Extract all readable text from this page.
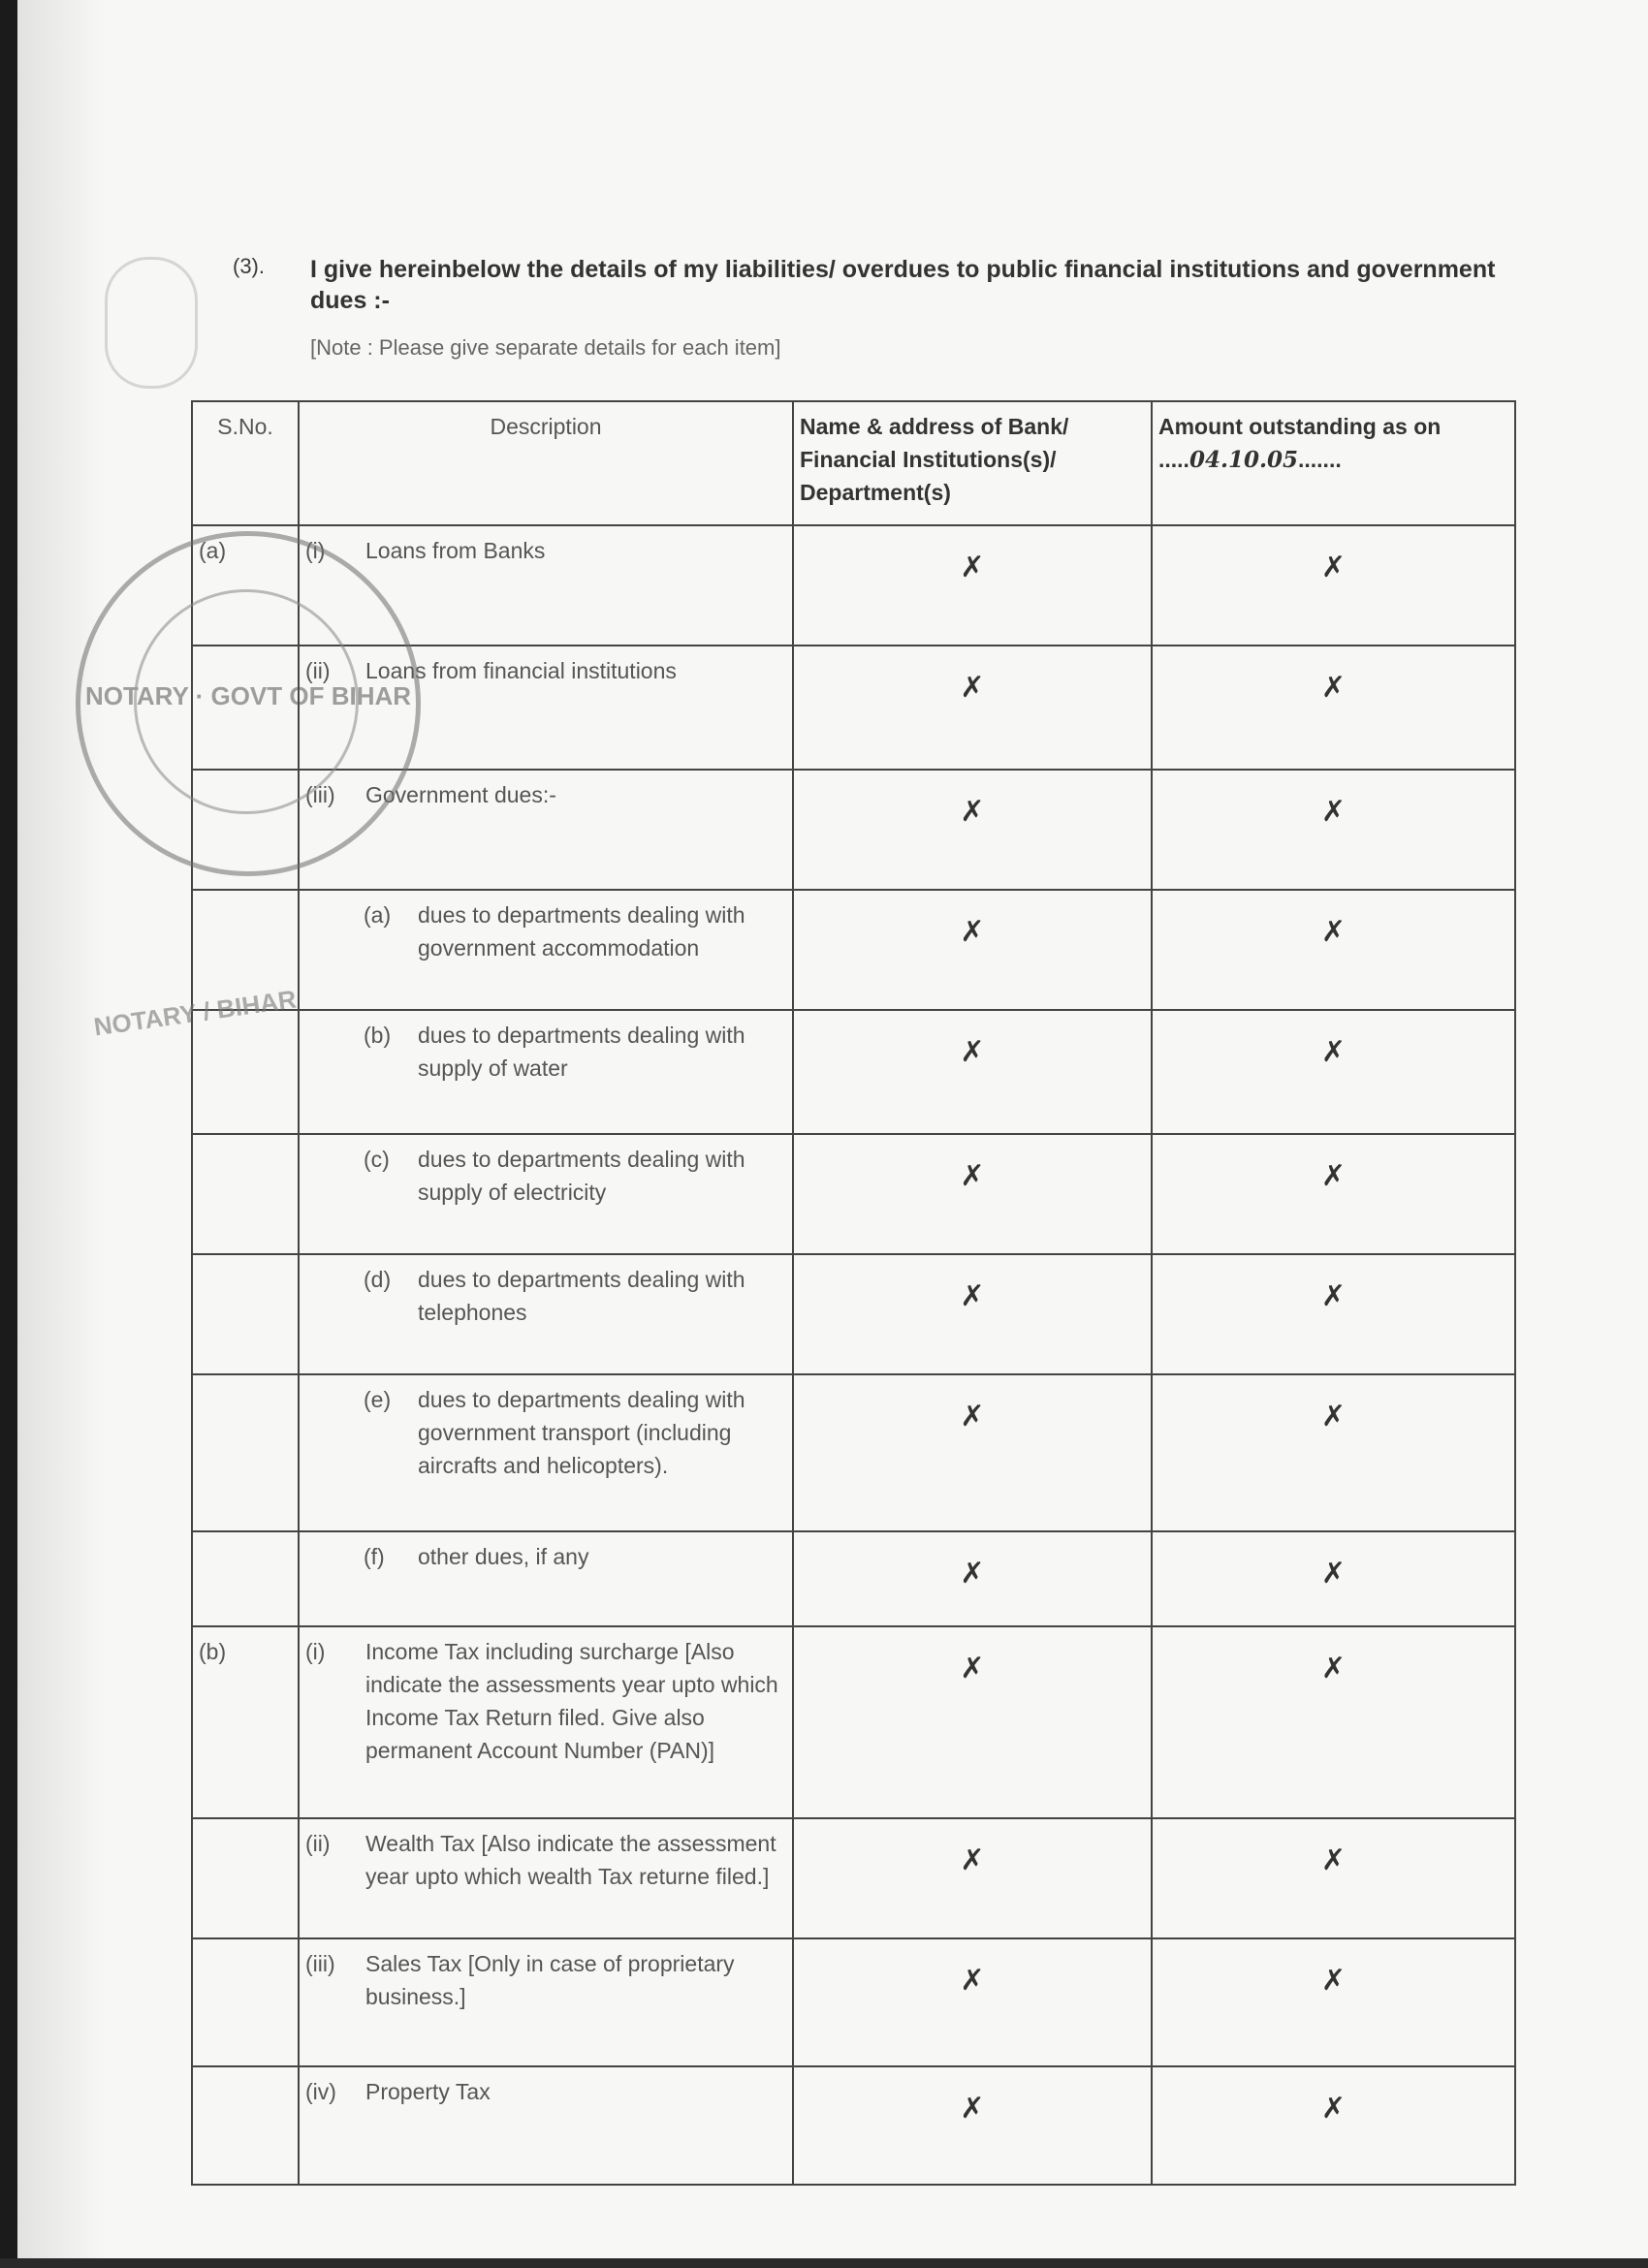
(3). I give hereinbelow the details of my liabilities/ overdues to public financial institutions and government dues :-
[Note : Please give separate details for each item]
S.No.	Description	Name & address of Bank/ Financial Institutions(s)/ Department(s)	Amount outstanding as on .....04.10.05.......
(a)	(i) Loans from Banks	✗	✗

	(ii) Loans from financial institutions	✗	✗

	(iii) Government dues:-	✗	✗

	(a) dues to departments dealing with government accommodation	✗	✗

	(b) dues to departments dealing with supply of water	✗	✗

	(c) dues to departments dealing with supply of electricity	✗	✗

	(d) dues to departments dealing with telephones	✗	✗

	(e) dues to departments dealing with government transport (including aircrafts and helicopters).	✗	✗

	(f) other dues, if any	✗	✗

(b)	(i) Income Tax including surcharge [Also indicate the assessments year upto which Income Tax Return filed. Give also permanent Account Number (PAN)]	✗	✗

	(ii) Wealth Tax [Also indicate the assessment year upto which wealth Tax returne filed.]	✗	✗

	(iii) Sales Tax [Only in case of proprietary business.]	✗	✗

	(iv) Property Tax	✗	✗
NOTARY · GOVT OF BIHAR
NOTARY / BIHAR
